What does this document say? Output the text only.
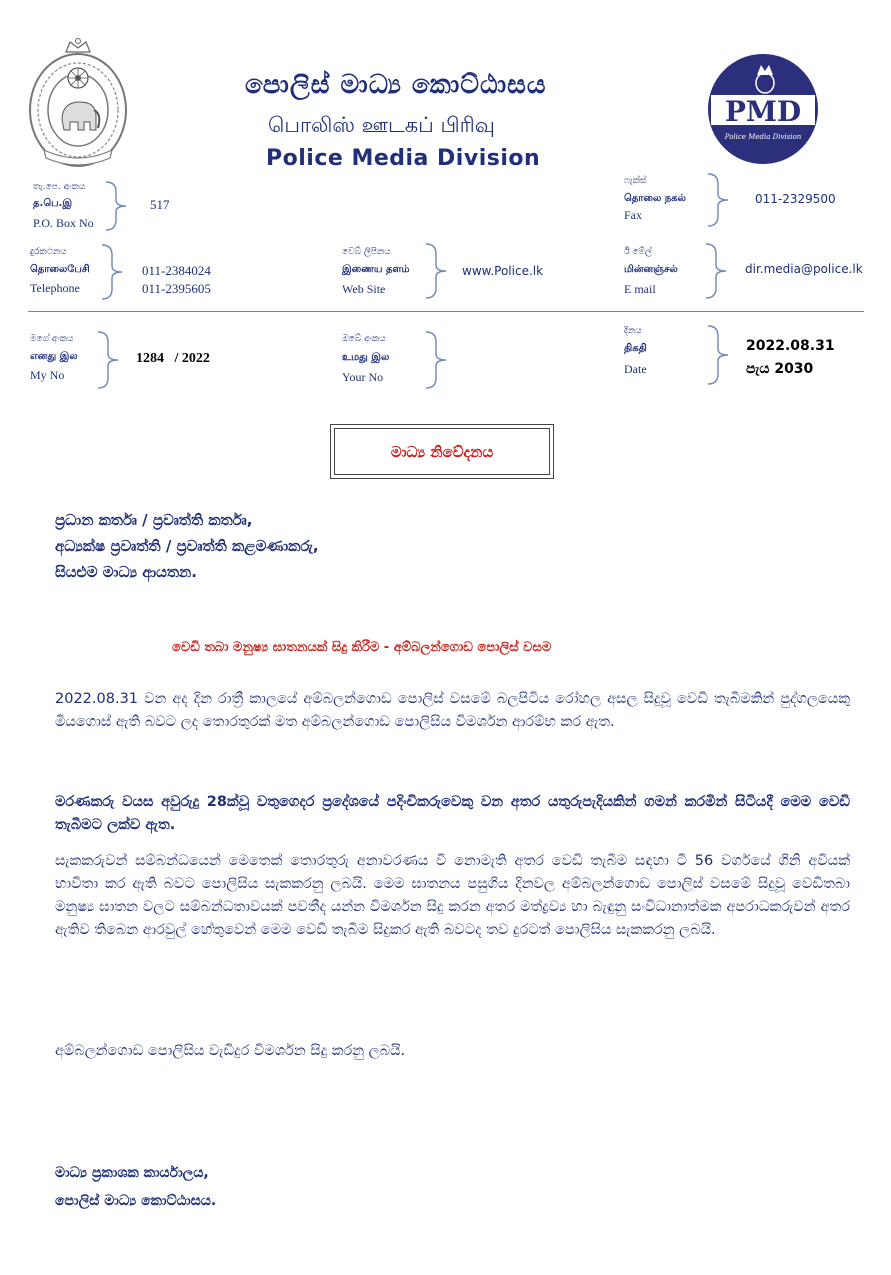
පොලිස් මාධ්‍ය කොට්ඨාසය
பொலிஸ் ஊடகப் பிரிவு
Police Media Division
PMD
Police Media Division
තැ.පෙ. අංකය
த.பெ.இ
P.O. Box No
517
ෆැක්ස්
தொலை நகல்
Fax
011-2329500
දුරකථනය
தொலைபேசி
Telephone
011-2384024
011-2395605
වෙබ් ලිපිනය
இணைய தளம்
Web Site
www.Police.lk
ඊ මේල්
மின்னஞ்சல்
E mail
dir.media@police.lk
මගේ අංකය
எனது இல
My No
1284   / 2022
ඔබේ අංකය
உமது இல
Your No
දිනය
திகதி
Date
2022.08.31
පැය 2030
මාධ්‍ය නිවේදනය
ප්‍රධාන කර්තෘ / ප්‍රවෘත්ති කර්තෘ,
අධ්‍යක්ෂ ප්‍රවෘත්ති / ප්‍රවෘත්ති කළමණාකරු,
සියළුම මාධ්‍ය ආයතන.
වෙඩි තබා මනුෂ්‍ය ඝාතනයක් සිදු කිරීම - අම්බලන්ගොඩ පොලිස් වසම
2022.08.31 වන අද දින රාත්‍රී කාලයේ අම්බලන්ගොඩ පොලිස් වසමේ බලපිටිය රෝහල අසල සිදුවූ වෙඩි තැබීමකින් පුද්ගලයෙකු මියගොස් ඇති බවට ලද තොරතුරක් මත අම්බලන්ගොඩ පොලිසිය විමර්ශන ආරම්භ කර ඇත.
මරණකරු වයස අවුරුදු 28ක්වූ වතුගෙදර ප්‍රදේශයේ පදිංචිකරුවෙකු වන අතර යතුරුපැදියකින් ගමන් කරමින් සිටියදී මෙම වෙඩි තැබීමට ලක්ව ඇත.
සැකකරුවන් සම්බන්ධයෙන් මෙතෙක් තොරතුරු අනාවරණය වී නොමැති අතර වෙඩි තැබීම සඳහා ටී 56 වර්ගයේ ගිනි අවියක් භාවිතා කර ඇති බවට පොලිසිය සැකකරනු ලබයි. මෙම ඝාතනය පසුගිය දිනවල අම්බලන්ගොඩ පොලිස් වසමේ සිදුවූ වෙඩිතබා මනුෂ්‍ය ඝාතන වලට සම්බන්ධතාවයක් පවතීද යන්න විමර්ශන සිදු කරන අතර මත්ද්‍රව්‍ය හා බැඳුනු සංවිධානාත්මක අපරාධකරුවන් අතර ඇතිව තිබෙන ආරවුල් හේතුවෙන් මෙම වෙඩි තැබීම සිදුකර ඇති බවටද තව දුරටත් පොලිසිය සැකකරනු ලබයි.
අම්බලන්ගොඩ පොලිසිය වැඩිදුර විමර්ශන සිදු කරනු ලබයි.
මාධ්‍ය ප්‍රකාශක කාර්යාලය,
පොලිස් මාධ්‍ය කොට්ඨාසය.
